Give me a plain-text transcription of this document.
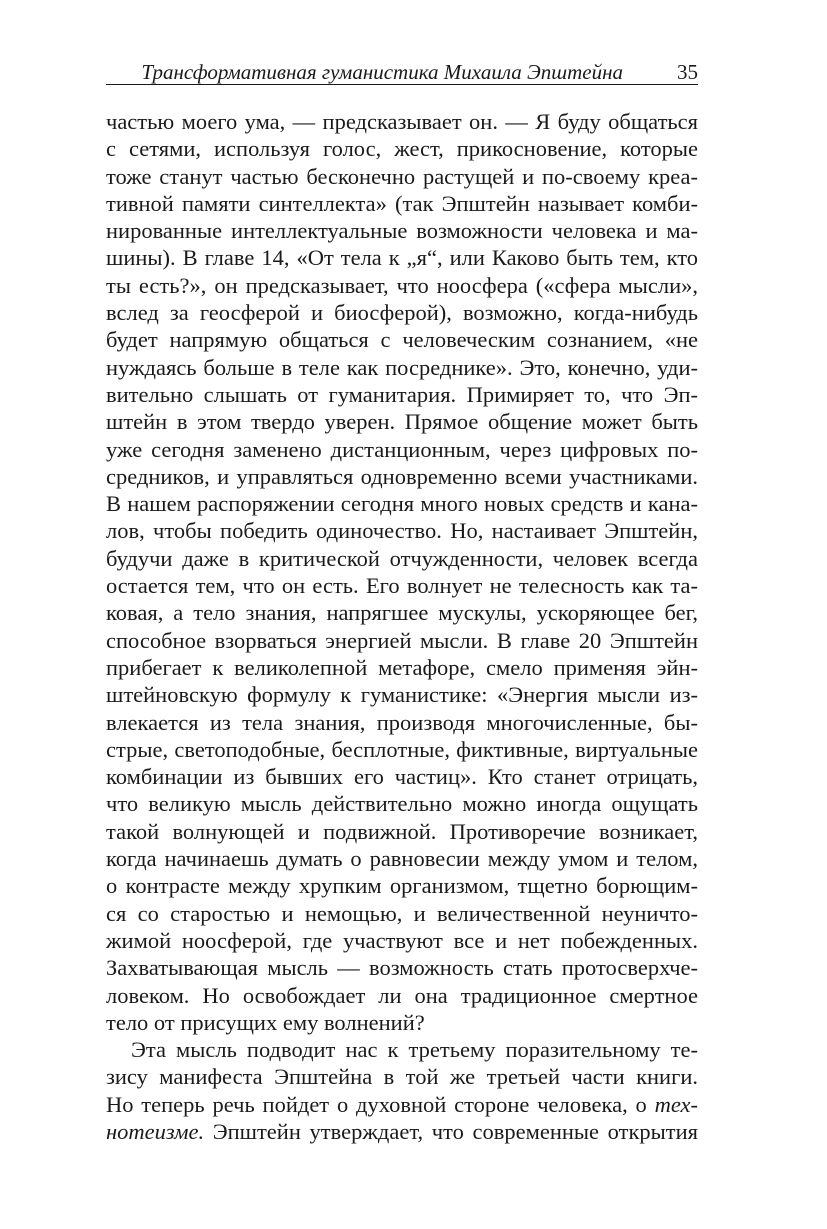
Трансформативная гуманистика Михаила Эпштейна	35
частью моего ума, — предсказывает он. — Я буду общаться
с сетями, используя голос, жест, прикосновение, которые
тоже станут частью бесконечно растущей и по-своему креа-
тивной памяти синтеллекта» (так Эпштейн называет комби-
нированные интеллектуальные возможности человека и ма-
шины). В главе 14, «От тела к „я“, или Каково быть тем, кто
ты есть?», он предсказывает, что ноосфера («сфера мысли»,
вслед за геосферой и биосферой), возможно, когда-нибудь
будет напрямую общаться с человеческим сознанием, «не
нуждаясь больше в теле как посреднике». Это, конечно, уди-
вительно слышать от гуманитария. Примиряет то, что Эп-
штейн в этом твердо уверен. Прямое общение может быть
уже сегодня заменено дистанционным, через цифровых по-
средников, и управляться одновременно всеми участниками.
В нашем распоряжении сегодня много новых средств и кана-
лов, чтобы победить одиночество. Но, настаивает Эпштейн,
будучи даже в критической отчужденности, человек всегда
остается тем, что он есть. Его волнует не телесность как та-
ковая, а тело знания, напрягшее мускулы, ускоряющее бег,
способное взорваться энергией мысли. В главе 20 Эпштейн
прибегает к великолепной метафоре, смело применяя эйн-
штейновскую формулу к гуманистике: «Энергия мысли из-
влекается из тела знания, производя многочисленные, бы-
стрые, светоподобные, бесплотные, фиктивные, виртуальные
комбинации из бывших его частиц». Кто станет отрицать,
что великую мысль действительно можно иногда ощущать
такой волнующей и подвижной. Противоречие возникает,
когда начинаешь думать о равновесии между умом и телом,
о контрасте между хрупким организмом, тщетно борющим-
ся со старостью и немощью, и величественной неуничто-
жимой ноосферой, где участвуют все и нет побежденных.
Захватывающая мысль — возможность стать протосверхче-
ловеком. Но освобождает ли она традиционное смертное
тело от присущих ему волнений?
Эта мысль подводит нас к третьему поразительному те-
зису манифеста Эпштейна в той же третьей части книги.
Но теперь речь пойдет о духовной стороне человека, о тех-
нотеизме. Эпштейн утверждает, что современные открытия
